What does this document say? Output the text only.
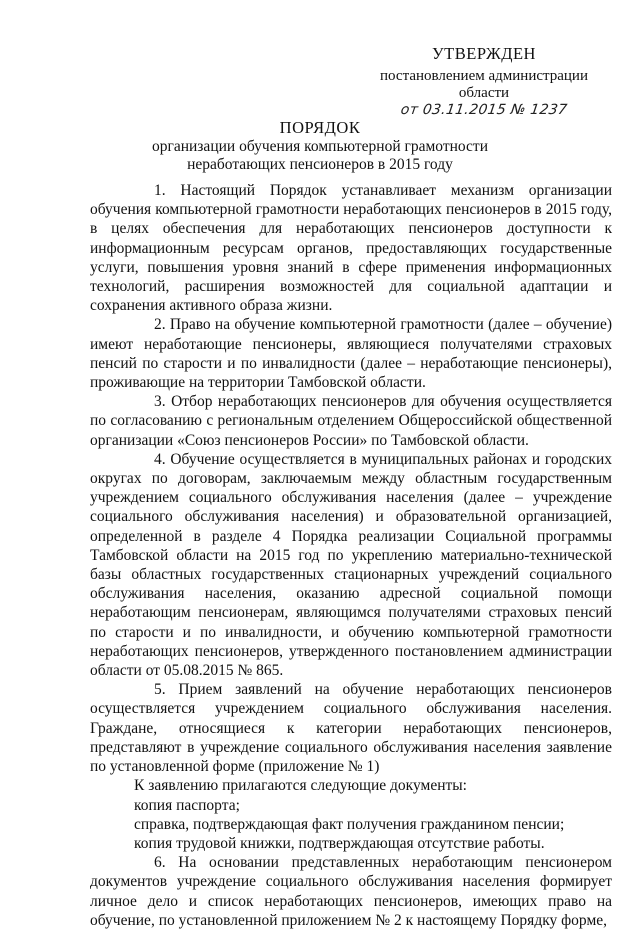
УТВЕРЖДЕН
постановлением администрации области
от 03.11.2015 № 1237
ПОРЯДОК
организации обучения компьютерной грамотности
неработающих пенсионеров в 2015 году

1. Настоящий Порядок устанавливает механизм организации обучения компьютерной грамотности неработающих пенсионеров в 2015 году, в целях обеспечения для неработающих пенсионеров доступности к информационным ресурсам органов, предоставляющих государственные услуги, повышения уровня знаний в сфере применения информационных технологий, расширения возможностей для социальной адаптации и сохранения активного образа жизни.

2. Право на обучение компьютерной грамотности (далее – обучение) имеют неработающие пенсионеры, являющиеся получателями страховых пенсий по старости и по инвалидности (далее – неработающие пенсионеры), проживающие на территории Тамбовской области.

3. Отбор неработающих пенсионеров для обучения осуществляется по согласованию с региональным отделением Общероссийской общественной организации «Союз пенсионеров России» по Тамбовской области.

4. Обучение осуществляется в муниципальных районах и городских округах по договорам, заключаемым между областным государственным учреждением социального обслуживания населения (далее – учреждение социального обслуживания населения) и образовательной организацией, определенной в разделе 4 Порядка реализации Социальной программы Тамбовской области на 2015 год по укреплению материально-технической базы областных государственных стационарных учреждений социального обслуживания населения, оказанию адресной социальной помощи неработающим пенсионерам, являющимся получателями страховых пенсий по старости и по инвалидности, и обучению компьютерной грамотности неработающих пенсионеров, утвержденного постановлением администрации области от 05.08.2015 № 865.

5. Прием заявлений на обучение неработающих пенсионеров осуществляется учреждением социального обслуживания населения. Граждане, относящиеся к категории неработающих пенсионеров, представляют в учреждение социального обслуживания населения заявление по установленной форме (приложение № 1)

К заявлению прилагаются следующие документы:

копия паспорта;

справка, подтверждающая факт получения гражданином пенсии;

копия трудовой книжки, подтверждающая отсутствие работы.

6. На основании представленных неработающим пенсионером документов учреждение социального обслуживания населения формирует личное дело и список неработающих пенсионеров, имеющих право на обучение, по установленной приложением № 2 к настоящему Порядку форме,
